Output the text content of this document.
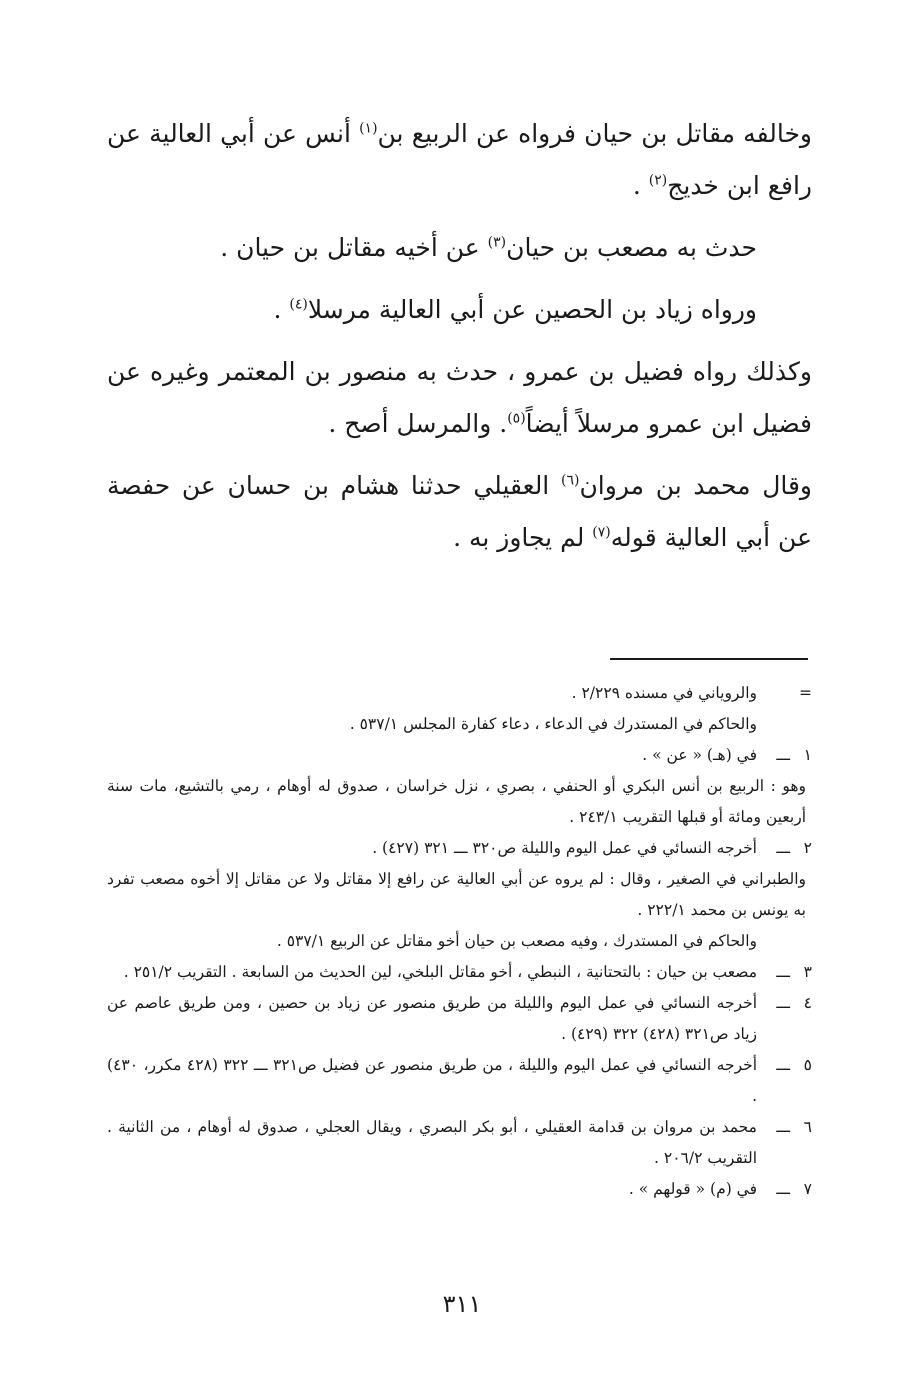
وخالفه مقاتل بن حيان فرواه عن الربيع بن$^{(١)}$ أنس عن أبي العالية عن رافع ابن خديج$^{(٢)}$ .

حدث به مصعب بن حيان$^{(٣)}$ عن أخيه مقاتل بن حيان .

ورواه زياد بن الحصين عن أبي العالية مرسلا$^{(٤)}$ .

وكذلك رواه فضيل بن عمرو ، حدث به منصور بن المعتمر وغيره عن فضيل ابن عمرو مرسلاً أيضاً$^{(٥)}$. والمرسل أصح .

وقال محمد بن مروان$^{(٦)}$ العقيلي حدثنا هشام بن حسان عن حفصة عن أبي العالية قوله$^{(٧)}$ لم يجاوز به .

=
والروياني في مسنده ٢/٢٢٩ .
والحاكم في المستدرك في الدعاء ، دعاء كفارة المجلس ٥٣٧/١ .
١
ـــ
في (هـ) « عن » .
وهو : الربيع بن أنس البكري أو الحنفي ، بصري ، نزل خراسان ، صدوق له أوهام ، رمي بالتشيع، مات سنة أربعين ومائة أو قبلها التقريب ٢٤٣/١ .
٢
ـــ
أخرجه النسائي في عمل اليوم والليلة ص٣٢٠ ـــ ٣٢١ (٤٢٧) .
والطبراني في الصغير ، وقال : لم يروه عن أبي العالية عن رافع إلا مقاتل ولا عن مقاتل إلا أخوه مصعب تفرد به يونس بن محمد ٢٢٢/١ .
والحاكم في المستدرك ، وفيه مصعب بن حيان أخو مقاتل عن الربيع ٥٣٧/١ .
٣
ـــ
مصعب بن حيان : بالتحتانية ، النبطي ، أخو مقاتل البلخي، لين الحديث من السابعة . التقريب ٢٥١/٢ .
٤
ـــ
أخرجه النسائي في عمل اليوم والليلة من طريق منصور عن زياد بن حصين ، ومن طريق عاصم عن زياد ص٣٢١ (٤٢٨) ٣٢٢ (٤٢٩) .
٥
ـــ
أخرجه النسائي في عمل اليوم والليلة ، من طريق منصور عن فضيل ص٣٢١ ـــ ٣٢٢ (٤٢٨ مكرر، ٤٣٠) .
٦
ـــ
محمد بن مروان بن قدامة العقيلي ، أبو بكر البصري ، ويقال العجلي ، صدوق له أوهام ، من الثانية . التقريب ٢٠٦/٢ .
٧
ـــ
في (م) « قولهم » .
٣١١
